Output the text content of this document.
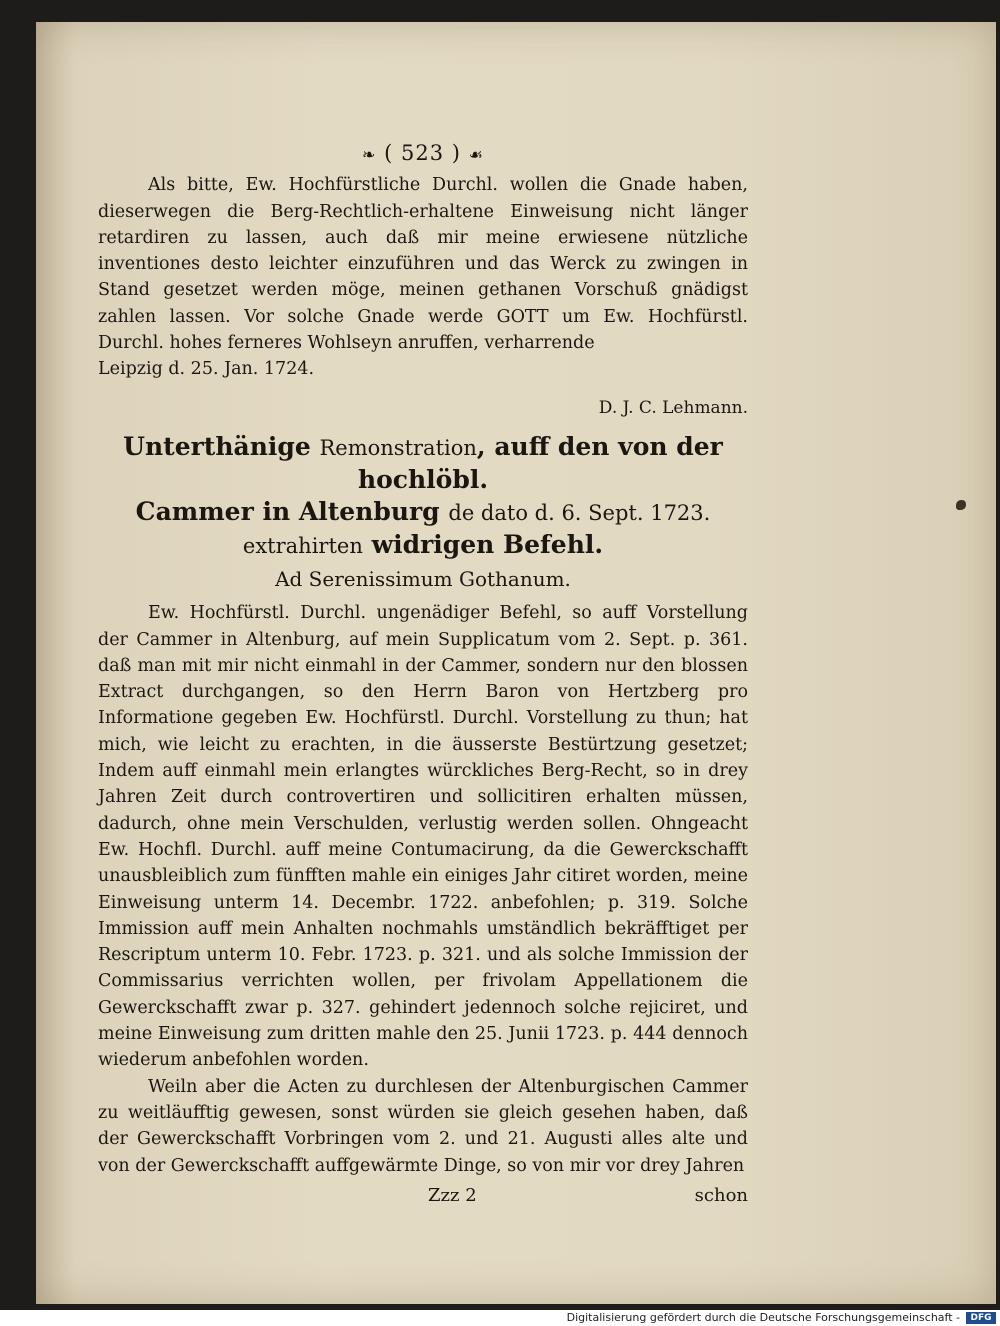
❧ ( 523 ) ☙

Als bitte, Ew. Hochfürstliche Durchl. wollen die Gnade haben, dieserwegen die Berg-Rechtlich-erhaltene Einweisung nicht länger retardiren zu lassen, auch daß mir meine erwiesene nützliche inventiones desto leichter einzuführen und das Werck zu zwingen in Stand gesetzet werden möge, meinen gethanen Vorschuß gnädigst zahlen lassen. Vor solche Gnade werde GOTT um Ew. Hochfürstl. Durchl. hohes ferneres Wohlseyn anruffen, verharrende

Leipzig d. 25. Jan. 1724.

D. J. C. Lehmann.

Unterthänige Remonstration, auff den von der hochlöbl.
Cammer in Altenburg de dato d. 6. Sept. 1723.
extrahirten widrigen Befehl.

Ad Serenissimum Gothanum.

Ew. Hochfürstl. Durchl. ungenädiger Befehl, so auff Vorstellung der Cammer in Altenburg, auf mein Supplicatum vom 2. Sept. p. 361. daß man mit mir nicht einmahl in der Cammer, sondern nur den blossen Extract durchgangen, so den Herrn Baron von Hertzberg pro Informatione gegeben Ew. Hochfürstl. Durchl. Vorstellung zu thun; hat mich, wie leicht zu erachten, in die äusserste Bestürtzung gesetzet; Indem auff einmahl mein erlangtes würckliches Berg-Recht, so in drey Jahren Zeit durch controvertiren und sollicitiren erhalten müssen, dadurch, ohne mein Verschulden, verlustig werden sollen. Ohngeacht Ew. Hochfl. Durchl. auff meine Contumacirung, da die Gewerckschafft unausbleiblich zum fünfften mahle ein einiges Jahr citiret worden, meine Einweisung unterm 14. Decembr. 1722. anbefohlen; p. 319. Solche Immission auff mein Anhalten nochmahls umständlich bekräfftiget per Rescriptum unterm 10. Febr. 1723. p. 321. und als solche Immission der Commissarius verrichten wollen, per frivolam Appellationem die Gewerckschafft zwar p. 327. gehindert jedennoch solche rejiciret, und meine Einweisung zum dritten mahle den 25. Junii 1723. p. 444 dennoch wiederum anbefohlen worden.

Weiln aber die Acten zu durchlesen der Altenburgischen Cammer zu weitläufftig gewesen, sonst würden sie gleich gesehen haben, daß der Gewerckschafft Vorbringen vom 2. und 21. Augusti alles alte und von der Gewerckschafft auffgewärmte Dinge, so von mir vor drey Jahren

Zzz 2	schon
Digitalisierung gefördert durch die Deutsche Forschungsgemeinschaft -	DFG
